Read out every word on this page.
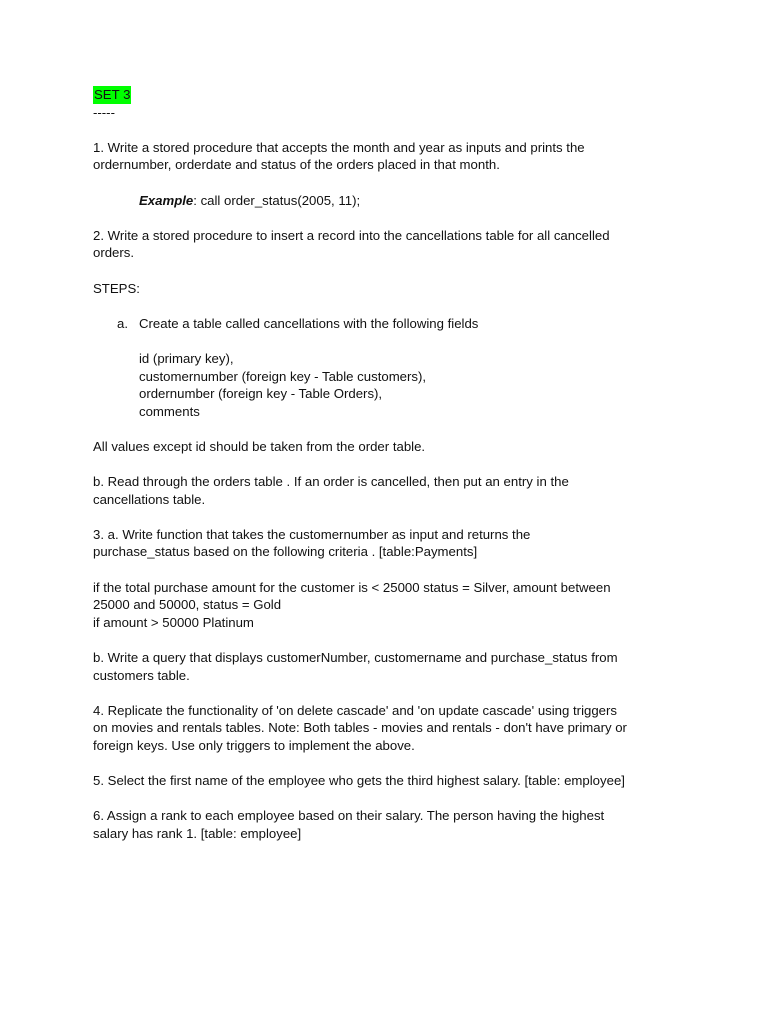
SET 3

-----

1. Write a stored procedure that accepts the month and year as inputs and prints the

ordernumber, orderdate and status of the orders placed in that month.

Example: call order_status(2005, 11);

2. Write a stored procedure to insert a record into the cancellations table for all cancelled

orders.

STEPS:

a. Create a table called cancellations with the following fields

id (primary key),

customernumber (foreign key - Table customers),

ordernumber (foreign key - Table Orders),

comments

All values except id should be taken from the order table.

b. Read through the orders table . If an order is cancelled, then put an entry in the

cancellations table.

3. a. Write function that takes the customernumber as input and returns the

purchase_status based on the following criteria . [table:Payments]

if the total purchase amount for the customer is < 25000 status = Silver, amount between

25000 and 50000, status = Gold

if amount > 50000 Platinum

b. Write a query that displays customerNumber, customername and purchase_status from

customers table.

4. Replicate the functionality of 'on delete cascade' and 'on update cascade' using triggers

on movies and rentals tables. Note: Both tables - movies and rentals - don't have primary or

foreign keys. Use only triggers to implement the above.

5. Select the first name of the employee who gets the third highest salary. [table: employee]

6. Assign a rank to each employee based on their salary. The person having the highest

salary has rank 1. [table: employee]
